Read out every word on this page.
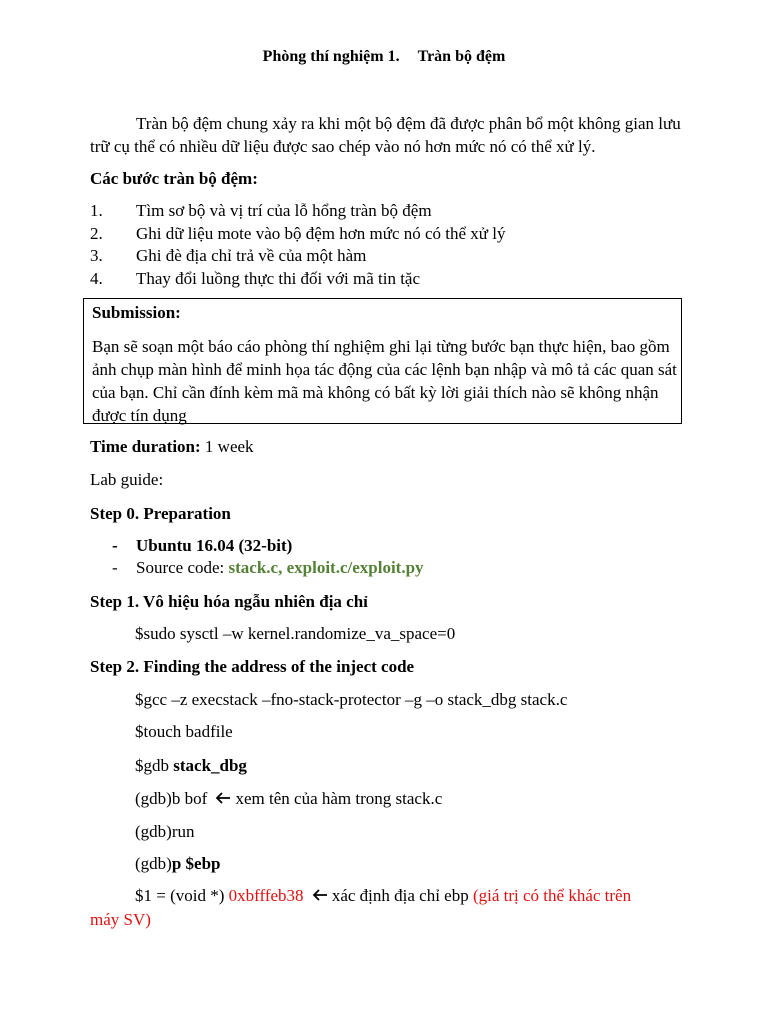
Phòng thí nghiệm 1. Tràn bộ đệm
Tràn bộ đệm chung xảy ra khi một bộ đệm đã được phân bổ một không gian lưu trữ cụ thể có nhiều dữ liệu được sao chép vào nó hơn mức nó có thể xử lý.
Các bước tràn bộ đệm:
1. Tìm sơ bộ và vị trí của lỗ hổng tràn bộ đệm
2. Ghi dữ liệu mote vào bộ đệm hơn mức nó có thể xử lý
3. Ghi đè địa chỉ trả về của một hàm
4. Thay đổi luồng thực thi đối với mã tin tặc
Submission:
Bạn sẽ soạn một báo cáo phòng thí nghiệm ghi lại từng bước bạn thực hiện, bao gồm ảnh chụp màn hình để minh họa tác động của các lệnh bạn nhập và mô tả các quan sát của bạn. Chỉ cần đính kèm mã mà không có bất kỳ lời giải thích nào sẽ không nhận được tín dụng
Time duration: 1 week
Lab guide:
Step 0. Preparation
- Ubuntu 16.04 (32-bit)
- Source code: stack.c, exploit.c/exploit.py
Step 1. Vô hiệu hóa ngẫu nhiên địa chỉ
$sudo sysctl –w kernel.randomize_va_space=0
Step 2. Finding the address of the inject code
$gcc –z execstack –fno-stack-protector –g –o stack_dbg stack.c
$touch badfile
$gdb stack_dbg
(gdb)b bof xem tên của hàm trong stack.c
(gdb)run
(gdb)p $ebp
$1 = (void *) 0xbfffeb38 xác định địa chỉ ebp (giá trị có thể khác trên
máy SV)
